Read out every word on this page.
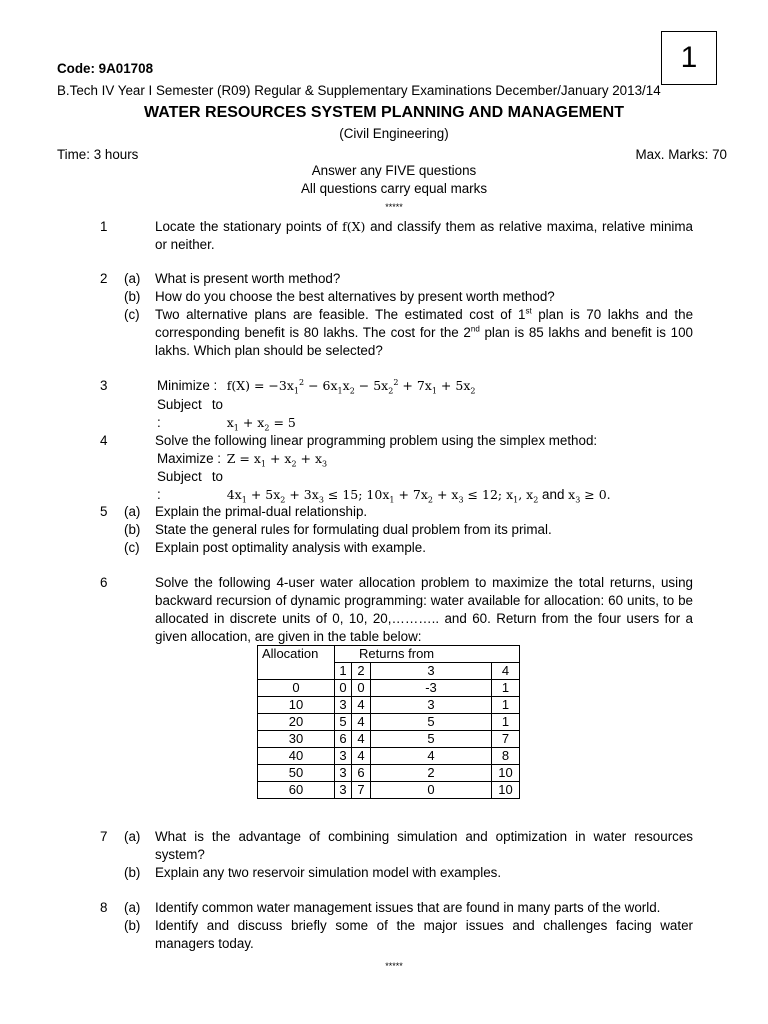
1
Code: 9A01708
B.Tech IV Year I Semester (R09) Regular & Supplementary Examinations December/January 2013/14
WATER RESOURCES SYSTEM PLANNING AND MANAGEMENT
(Civil Engineering)
Time: 3 hours	Max. Marks: 70
Answer any FIVE questions
All questions carry equal marks
*****
1	Locate the stationary points of f(X) and classify them as relative maxima, relative minima or neither.
2	(a)	What is present worth method?
(b)	How do you choose the best alternatives by present worth method?
(c)	Two alternative plans are feasible. The estimated cost of 1st plan is 70 lakhs and the corresponding benefit is 80 lakhs. The cost for the 2nd plan is 85 lakhs and benefit is 100 lakhs. Which plan should be selected?
3	Minimize : $f(X) = -3x_1^2 - 6x_1x_2 - 5x_2^2 + 7x_1 + 5x_2$
Subject to :	$x_1 + x_2 = 5$
4	Solve the following linear programming problem using the simplex method:
Maximize : $Z = x_1 + x_2 + x_3$
Subject to :	$4x_1 + 5x_2 + 3x_3 \le 15$; $10x_1 + 7x_2 + x_3 \le 12$; $x_1$, $x_2$ and $x_3 \ge 0$.
5	(a)	Explain the primal-dual relationship.
(b)	State the general rules for formulating dual problem from its primal.
(c)	Explain post optimality analysis with example.
6	Solve the following 4-user water allocation problem to maximize the total returns, using backward recursion of dynamic programming: water available for allocation: 60 units, to be allocated in discrete units of 0, 10, 20,……….. and 60. Return from the four users for a given allocation, are given in the table below:
Allocation	Returns from			
	1	2	3	4
0	0	0	-3	1
10	3	4	3	1
20	5	4	5	1
30	6	4	5	7
40	3	4	4	8
50	3	6	2	10
60	3	7	0	10
7	(a)	What is the advantage of combining simulation and optimization in water resources system?
(b)	Explain any two reservoir simulation model with examples.
8	(a)	Identify common water management issues that are found in many parts of the world.
(b)	Identify and discuss briefly some of the major issues and challenges facing water managers today.
*****
